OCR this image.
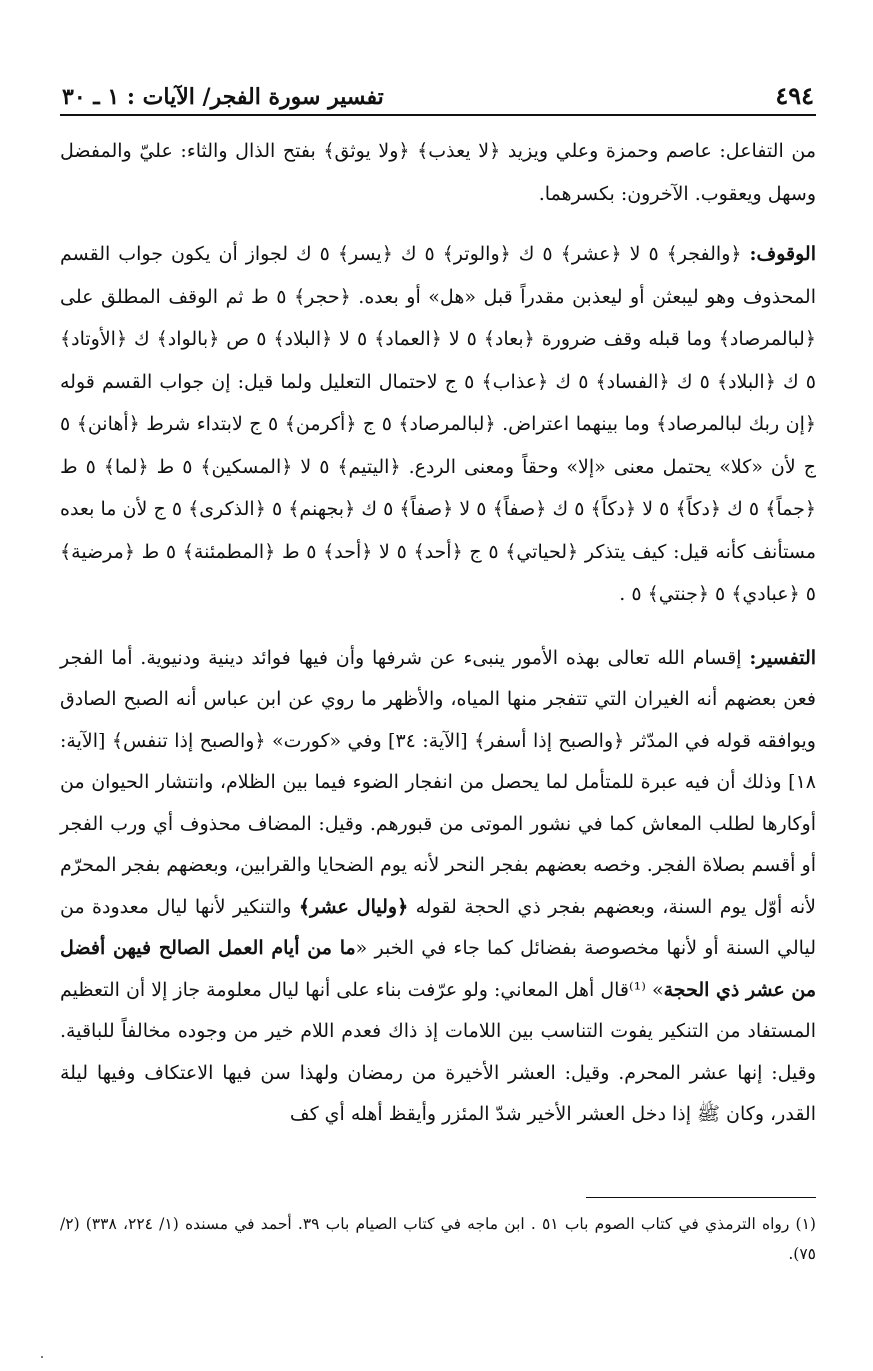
٤٩٤
تفسير سورة الفجر/ الآيات : ١ ـ ٣٠

من التفاعل: عاصم وحمزة وعلي ويزيد ﴿لا يعذب﴾ ﴿ولا يوثق﴾ بفتح الذال والثاء: عليّ والمفضل وسهل ويعقوب. الآخرون: بكسرهما.

الوقوف: ﴿والفجر﴾ ٥ لا ﴿عشر﴾ ٥ ك ﴿والوتر﴾ ٥ ك ﴿يسر﴾ ٥ ك لجواز أن يكون جواب القسم المحذوف وهو ليبعثن أو ليعذبن مقدراً قبل «هل» أو بعده. ﴿حجر﴾ ٥ ط ثم الوقف المطلق على ﴿لبالمرصاد﴾ وما قبله وقف ضرورة ﴿بعاد﴾ ٥ لا ﴿العماد﴾ ٥ لا ﴿البلاد﴾ ٥ ص ﴿بالواد﴾ ك ﴿الأوتاد﴾ ٥ ك ﴿البلاد﴾ ٥ ك ﴿الفساد﴾ ٥ ك ﴿عذاب﴾ ٥ ج لاحتمال التعليل ولما قيل: إن جواب القسم قوله ﴿إن ربك لبالمرصاد﴾ وما بينهما اعتراض. ﴿لبالمرصاد﴾ ٥ ج ﴿أكرمن﴾ ٥ ج لابتداء شرط ﴿أهانن﴾ ٥ ج لأن «كلا» يحتمل معنى «إلا» وحقاً ومعنى الردع. ﴿اليتيم﴾ ٥ لا ﴿المسكين﴾ ٥ ط ﴿لما﴾ ٥ ط ﴿جماً﴾ ٥ ك ﴿دكاً﴾ ٥ لا ﴿دكاً﴾ ٥ ك ﴿صفاً﴾ ٥ لا ﴿صفاً﴾ ٥ ك ﴿بجهنم﴾ ٥ ﴿الذكرى﴾ ٥ ج لأن ما بعده مستأنف كأنه قيل: كيف يتذكر ﴿لحياتي﴾ ٥ ج ﴿أحد﴾ ٥ لا ﴿أحد﴾ ٥ ط ﴿المطمئنة﴾ ٥ ط ﴿مرضية﴾ ٥ ﴿عبادي﴾ ٥ ﴿جنتي﴾ ٥ .

التفسير: إقسام الله تعالى بهذه الأمور ينبىء عن شرفها وأن فيها فوائد دينية ودنيوية. أما الفجر فعن بعضهم أنه الغيران التي تتفجر منها المياه، والأظهر ما روي عن ابن عباس أنه الصبح الصادق ويوافقه قوله في المدّثر ﴿والصبح إذا أسفر﴾ [الآية: ٣٤] وفي «كورت» ﴿والصبح إذا تنفس﴾ [الآية: ١٨] وذلك أن فيه عبرة للمتأمل لما يحصل من انفجار الضوء فيما بين الظلام، وانتشار الحيوان من أوكارها لطلب المعاش كما في نشور الموتى من قبورهم. وقيل: المضاف محذوف أي ورب الفجر أو أقسم بصلاة الفجر. وخصه بعضهم بفجر النحر لأنه يوم الضحايا والقرابين، وبعضهم بفجر المحرّم لأنه أوّل يوم السنة، وبعضهم بفجر ذي الحجة لقوله ﴿وليال عشر﴾ والتنكير لأنها ليال معدودة من ليالي السنة أو لأنها مخصوصة بفضائل كما جاء في الخبر «ما من أيام العمل الصالح فيهن أفضل من عشر ذي الحجة» ⁽¹⁾قال أهل المعاني: ولو عرّفت بناء على أنها ليال معلومة جاز إلا أن التعظيم المستفاد من التنكير يفوت التناسب بين اللامات إذ ذاك فعدم اللام خير من وجوده مخالفاً للباقية. وقيل: إنها عشر المحرم. وقيل: العشر الأخيرة من رمضان ولهذا سن فيها الاعتكاف وفيها ليلة القدر، وكان ﷺ إذا دخل العشر الأخير شدّ المئزر وأيقظ أهله أي كف

(١) رواه الترمذي في كتاب الصوم باب ٥١ . ابن ماجه في كتاب الصيام باب ٣٩. أحمد في مسنده (١/ ٢٢٤، ٣٣٨) (٢/ ٧٥).
